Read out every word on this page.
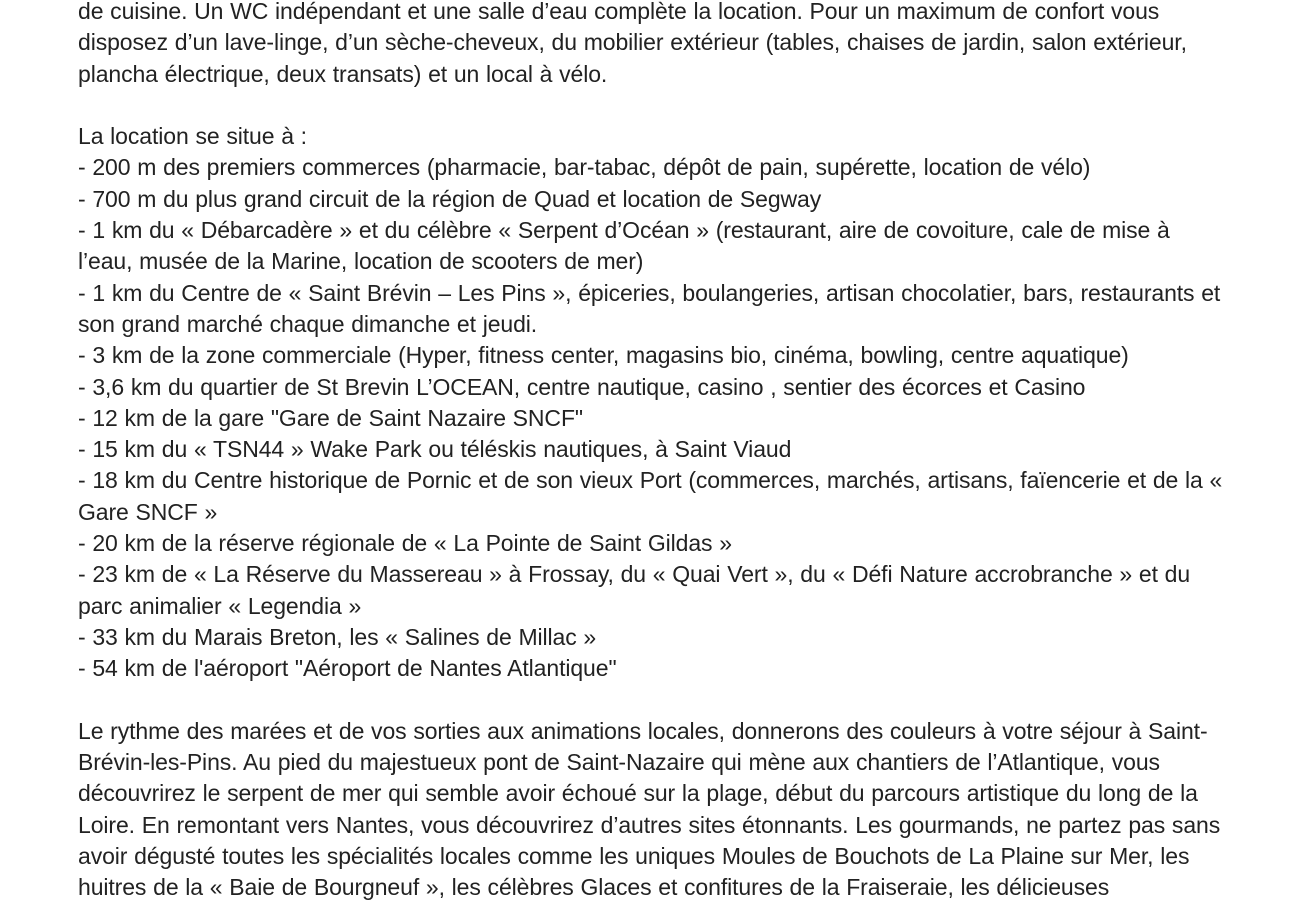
de cuisine. Un WC indépendant et une salle d’eau complète la location. Pour un maximum de confort vous disposez d’un lave-linge, d’un sèche-cheveux, du mobilier extérieur (tables, chaises de jardin, salon extérieur, plancha électrique, deux transats) et un local à vélo.

La location se situe à :

- 200 m des premiers commerces (pharmacie, bar-tabac, dépôt de pain, supérette, location de vélo)

- 700 m du plus grand circuit de la région de Quad et location de Segway

- 1 km du « Débarcadère » et du célèbre « Serpent d’Océan » (restaurant, aire de covoiture, cale de mise à l’eau, musée de la Marine, location de scooters de mer)

- 1 km du Centre de « Saint Brévin – Les Pins », épiceries, boulangeries, artisan chocolatier, bars, restaurants et son grand marché chaque dimanche et jeudi.

- 3 km de la zone commerciale (Hyper, fitness center, magasins bio, cinéma, bowling, centre aquatique)

- 3,6 km du quartier de St Brevin L’OCEAN, centre nautique, casino , sentier des écorces et Casino

- 12 km de la gare "Gare de Saint Nazaire SNCF"

- 15 km du « TSN44 » Wake Park ou téléskis nautiques, à Saint Viaud

- 18 km du Centre historique de Pornic et de son vieux Port (commerces, marchés, artisans, faïencerie et de la « Gare SNCF »

- 20 km de la réserve régionale de « La Pointe de Saint Gildas »

- 23 km de « La Réserve du Massereau » à Frossay, du « Quai Vert », du « Défi Nature accrobranche » et du parc animalier « Legendia »

- 33 km du Marais Breton, les « Salines de Millac »

- 54 km de l'aéroport "Aéroport de Nantes Atlantique"

Le rythme des marées et de vos sorties aux animations locales, donnerons des couleurs à votre séjour à Saint-Brévin-les-Pins. Au pied du majestueux pont de Saint-Nazaire qui mène aux chantiers de l’Atlantique, vous découvrirez le serpent de mer qui semble avoir échoué sur la plage, début du parcours artistique du long de la Loire. En remontant vers Nantes, vous découvrirez d’autres sites étonnants. Les gourmands, ne partez pas sans avoir dégusté toutes les spécialités locales comme les uniques Moules de Bouchots de La Plaine sur Mer, les huitres de la « Baie de Bourgneuf », les célèbres Glaces et confitures de la Fraiseraie, les délicieuses
